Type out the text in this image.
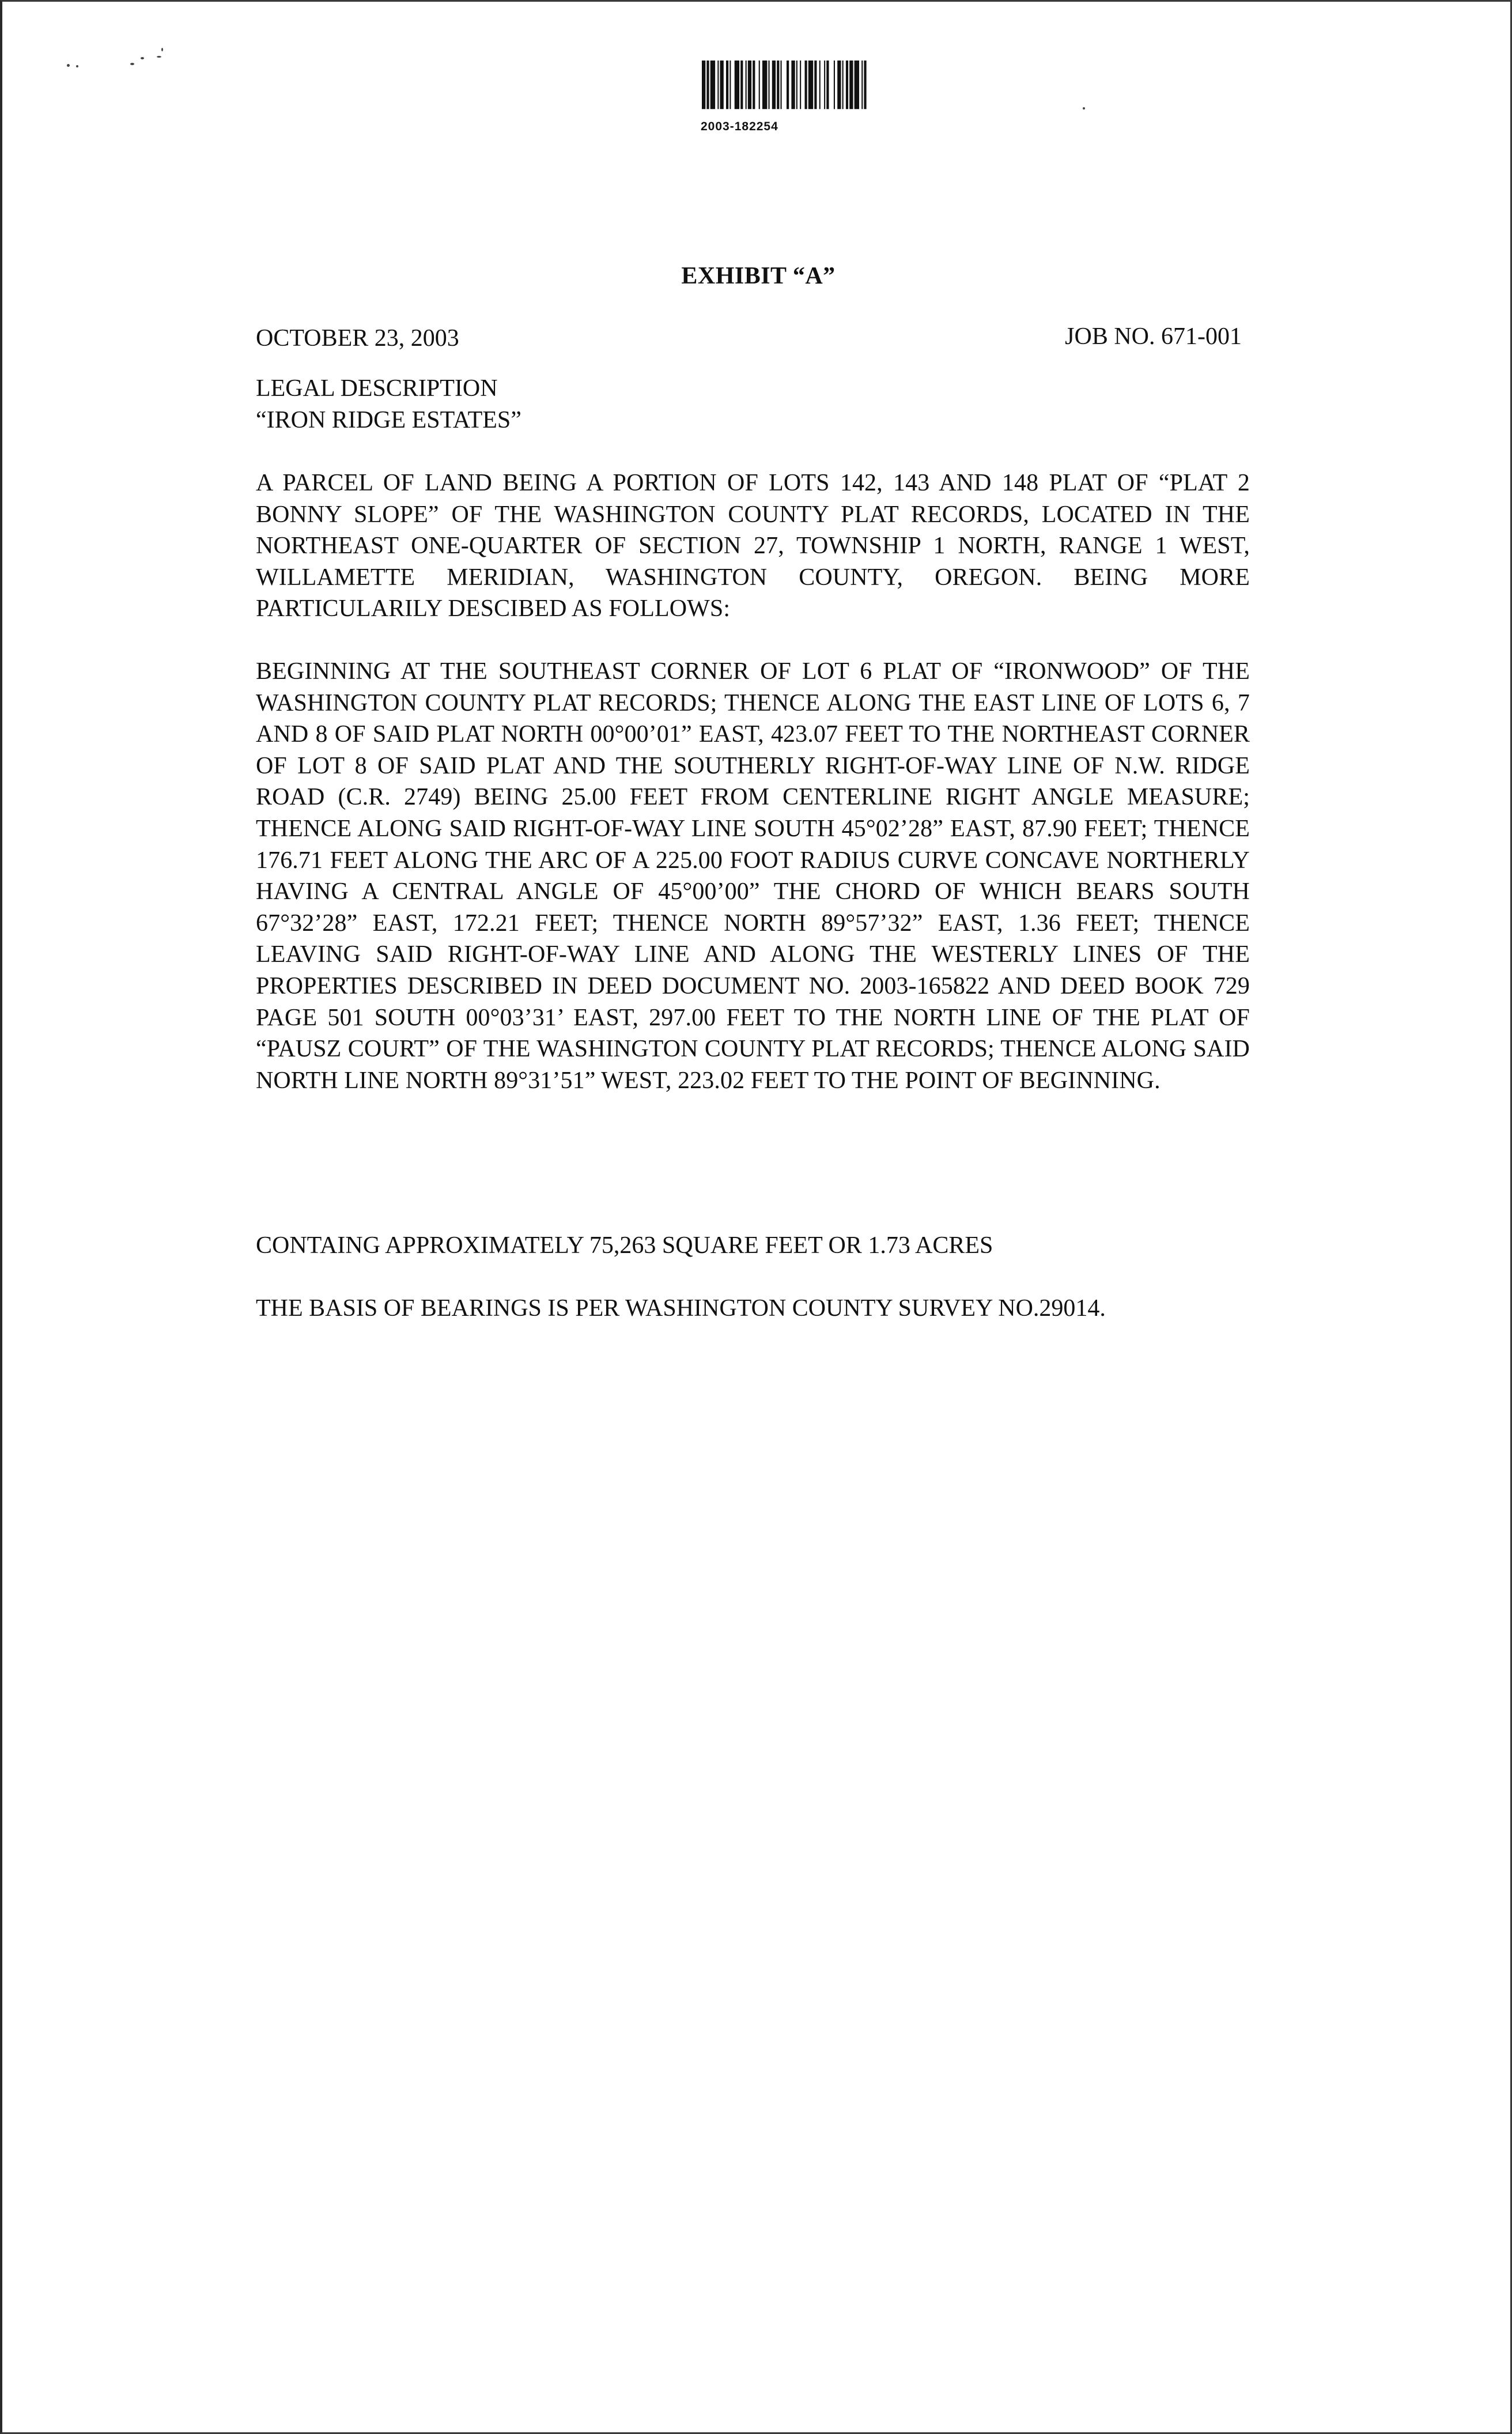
2003-182254
EXHIBIT “A”
OCTOBER 23, 2003	JOB NO. 671-001
LEGAL DESCRIPTION
“IRON RIDGE ESTATES”
A PARCEL OF LAND BEING A PORTION OF LOTS 142, 143 AND 148 PLAT OF “PLAT 2 BONNY SLOPE” OF THE WASHINGTON COUNTY PLAT RECORDS, LOCATED IN THE NORTHEAST ONE-QUARTER OF SECTION 27, TOWNSHIP 1 NORTH, RANGE 1 WEST, WILLAMETTE MERIDIAN, WASHINGTON COUNTY, OREGON. BEING MORE PARTICULARILY DESCIBED AS FOLLOWS:
BEGINNING AT THE SOUTHEAST CORNER OF LOT 6 PLAT OF “IRONWOOD” OF THE WASHINGTON COUNTY PLAT RECORDS; THENCE ALONG THE EAST LINE OF LOTS 6, 7 AND 8 OF SAID PLAT NORTH 00°00’01” EAST, 423.07 FEET TO THE NORTHEAST CORNER OF LOT 8 OF SAID PLAT AND THE SOUTHERLY RIGHT-OF-WAY LINE OF N.W. RIDGE ROAD (C.R. 2749) BEING 25.00 FEET FROM CENTERLINE RIGHT ANGLE MEASURE; THENCE ALONG SAID RIGHT-OF-WAY LINE SOUTH 45°02’28” EAST, 87.90 FEET; THENCE 176.71 FEET ALONG THE ARC OF A 225.00 FOOT RADIUS CURVE CONCAVE NORTHERLY HAVING A CENTRAL ANGLE OF 45°00’00” THE CHORD OF WHICH BEARS SOUTH 67°32’28” EAST, 172.21 FEET; THENCE NORTH 89°57’32” EAST, 1.36 FEET; THENCE LEAVING SAID RIGHT-OF-WAY LINE AND ALONG THE WESTERLY LINES OF THE PROPERTIES DESCRIBED IN DEED DOCUMENT NO. 2003-165822 AND DEED BOOK 729 PAGE 501 SOUTH 00°03’31’ EAST, 297.00 FEET TO THE NORTH LINE OF THE PLAT OF “PAUSZ COURT” OF THE WASHINGTON COUNTY PLAT RECORDS; THENCE ALONG SAID NORTH LINE NORTH 89°31’51” WEST, 223.02 FEET TO THE POINT OF BEGINNING.
CONTAING APPROXIMATELY 75,263 SQUARE FEET OR 1.73 ACRES
THE BASIS OF BEARINGS IS PER WASHINGTON COUNTY SURVEY NO.29014.
